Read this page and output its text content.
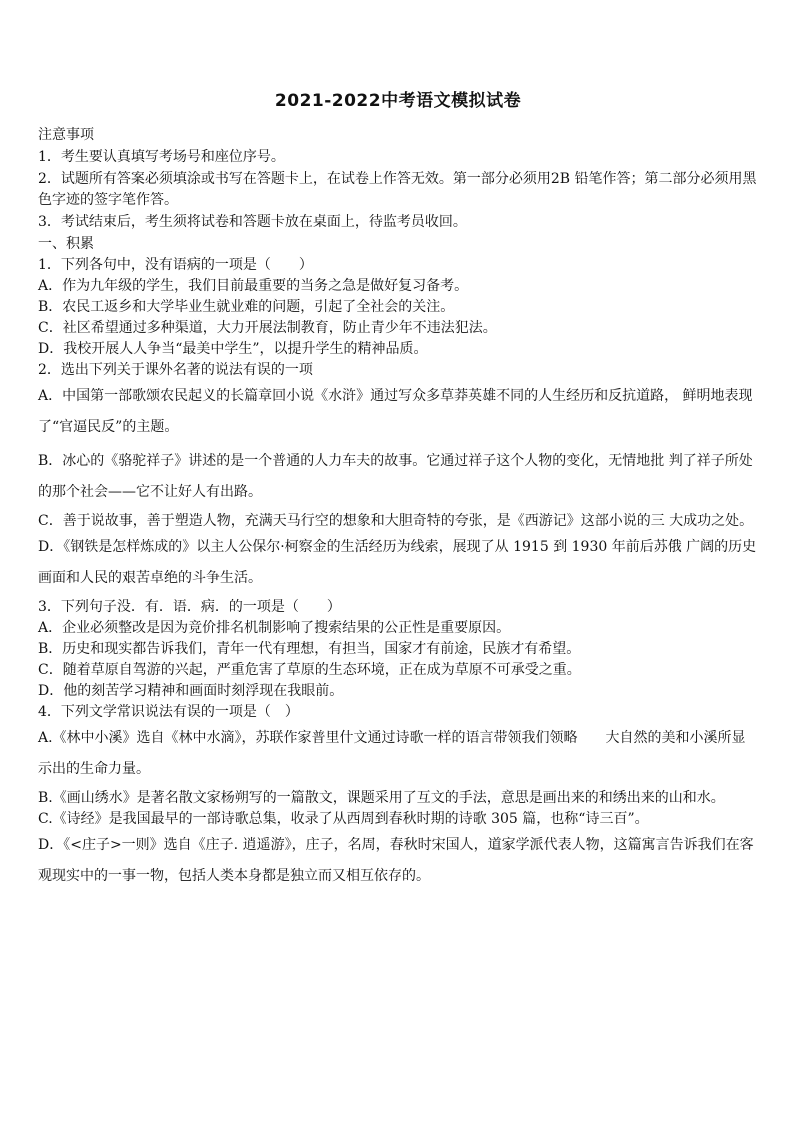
2021-2022中考语文模拟试卷

注意事项

1．考生要认真填写考场号和座位序号。

2．试题所有答案必须填涂或书写在答题卡上，在试卷上作答无效。第一部分必须用2B 铅笔作答；第二部分必须用黑色字迹的签字笔作答。

3．考试结束后，考生须将试卷和答题卡放在桌面上，待监考员收回。

一、积累

1．下列各句中，没有语病的一项是（　　）

A．作为九年级的学生，我们目前最重要的当务之急是做好复习备考。

B．农民工返乡和大学毕业生就业难的问题，引起了全社会的关注。

C．社区希望通过多种渠道，大力开展法制教育，防止青少年不违法犯法。

D．我校开展人人争当“最美中学生”，以提升学生的精神品质。

2．选出下列关于课外名著的说法有误的一项

A．中国第一部歌颂农民起义的长篇章回小说《水浒》通过写众多草莽英雄不同的人生经历和反抗道路， 鲜明地表现了“官逼民反”的主题。

B．冰心的《骆驼祥子》讲述的是一个普通的人力车夫的故事。它通过祥子这个人物的变化，无情地批 判了祥子所处的那个社会——它不让好人有出路。

C．善于说故事，善于塑造人物，充满天马行空的想象和大胆奇特的夸张，是《西游记》这部小说的三 大成功之处。

D．《钢铁是怎样炼成的》以主人公保尔·柯察金的生活经历为线索，展现了从 1915 到 1930 年前后苏俄 广阔的历史画面和人民的艰苦卓绝的斗争生活。

3．下列句子没．有．语．病．的一项是（　　）

A．企业必须整改是因为竞价排名机制影响了搜索结果的公正性是重要原因。

B．历史和现实都告诉我们，青年一代有理想，有担当，国家才有前途，民族才有希望。

C．随着草原自驾游的兴起，严重危害了草原的生态环境，正在成为草原不可承受之重。

D．他的刻苦学习精神和画面时刻浮现在我眼前。

4．下列文学常识说法有误的一项是（　）

A.《林中小溪》选自《林中水滴》，苏联作家普里什文通过诗歌一样的语言带领我们领略　　大自然的美和小溪所显示出的生命力量。

B.《画山绣水》是著名散文家杨朔写的一篇散文，课题采用了互文的手法，意思是画出来的和绣出来的山和水。

C.《诗经》是我国最早的一部诗歌总集，收录了从西周到春秋时期的诗歌 305 篇，也称“诗三百”。

D．《<庄子>一则》选自《庄子. 逍遥游》，庄子，名周，春秋时宋国人，道家学派代表人物，这篇寓言告诉我们在客观现实中的一事一物，包括人类本身都是独立而又相互依存的。
